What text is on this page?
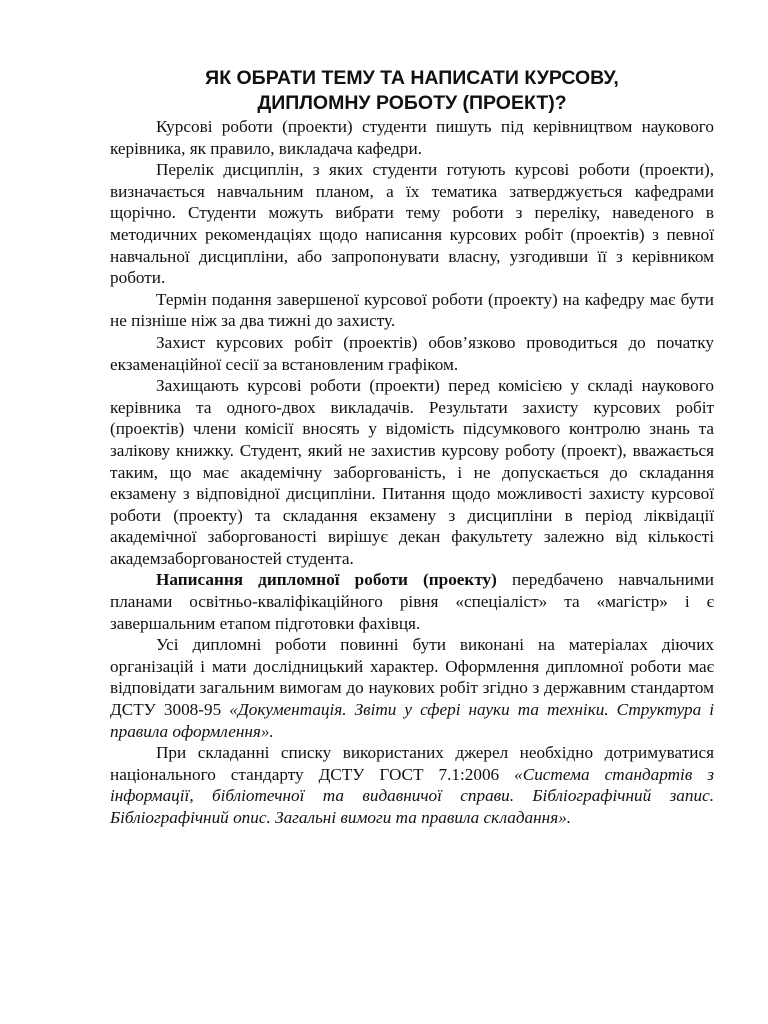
ЯК ОБРАТИ ТЕМУ ТА НАПИСАТИ КУРСОВУ,
ДИПЛОМНУ РОБОТУ (ПРОЕКТ)?

Курсові роботи (проекти) студенти пишуть під керівництвом наукового керівника, як правило, викладача кафедри.

Перелік дисциплін, з яких студенти готують курсові роботи (проекти), визначається навчальним планом, а їх тематика затверджується кафедрами щорічно. Студенти можуть вибрати тему роботи з переліку, наведеного в методичних рекомендаціях щодо написання курсових робіт (проектів) з певної навчальної дисципліни, або запропонувати власну, узгодивши її з керівником роботи.

Термін подання завершеної курсової роботи (проекту) на кафедру має бути не пізніше ніж за два тижні до захисту.

Захист курсових робіт (проектів) обов’язково проводиться до початку екзаменаційної сесії за встановленим графіком.

Захищають курсові роботи (проекти) перед комісією у складі наукового керівника та одного-двох викладачів. Результати захисту курсових робіт (проектів) члени комісії вносять у відомість підсумкового контролю знань та залікову книжку. Студент, який не захистив курсову роботу (проект), вважається таким, що має академічну заборгованість, і не допускається до складання екзамену з відповідної дисципліни. Питання щодо можливості захисту курсової роботи (проекту) та складання екзамену з дисципліни в період ліквідації академічної заборгованості вирішує декан факультету залежно від кількості академзаборгованостей студента.

Написання дипломної роботи (проекту) передбачено навчальними планами освітньо-кваліфікаційного рівня «спеціаліст» та «магістр» і є завершальним етапом підготовки фахівця.

Усі дипломні роботи повинні бути виконані на матеріалах діючих організацій і мати дослідницький характер. Оформлення дипломної роботи має відповідати загальним вимогам до наукових робіт згідно з державним стандартом ДСТУ 3008-95 «Документація. Звіти у сфері науки та техніки. Структура і правила оформлення».

При складанні списку використаних джерел необхідно дотримуватися національного стандарту ДСТУ ГОСТ 7.1:2006 «Система стандартів з інформації, бібліотечної та видавничої справи. Бібліографічний запис. Бібліографічний опис. Загальні вимоги та правила складання».
